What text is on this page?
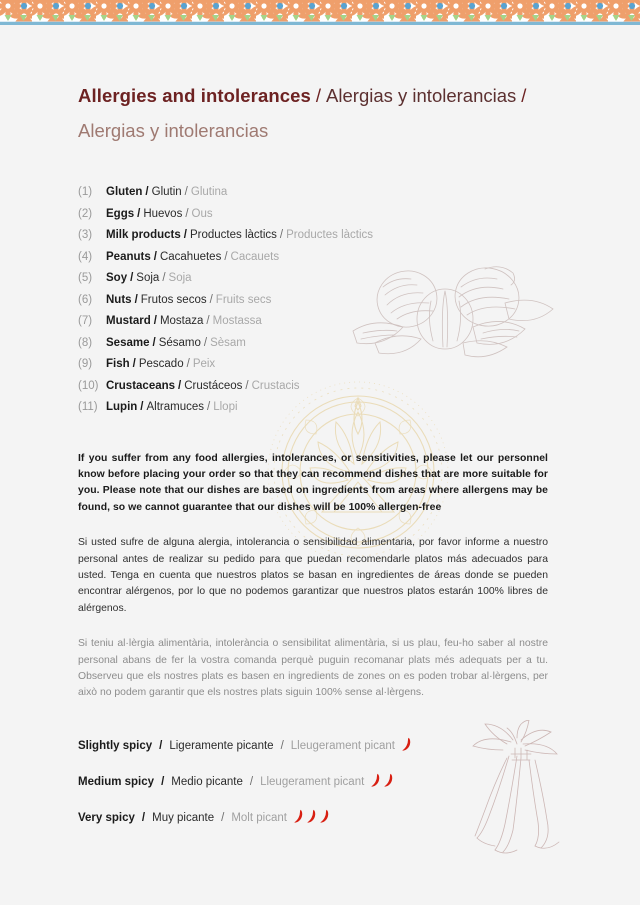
Allergies and intolerances / Alergias y intolerancias /
Alergias y intolerancias
(1) Gluten / Glutin / Glutina
(2) Eggs / Huevos / Ous
(3) Milk products / Productes làctics / Productes làctics
(4) Peanuts / Cacahuetes / Cacauets
(5) Soy / Soja / Soja
(6) Nuts / Frutos secos / Fruits secs
(7) Mustard / Mostaza / Mostassa
(8) Sesame / Sésamo / Sèsam
(9) Fish / Pescado / Peix
(10) Crustaceans / Crustáceos / Crustacis
(11) Lupin / Altramuces / Llopi

If you suffer from any food allergies, intolerances, or sensitivities, please let our personnel know before placing your order so that they can recommend dishes that are more suitable for you. Please note that our dishes are based on ingredients from areas where allergens may be found, so we cannot guarantee that our dishes will be 100% allergen-free

Si usted sufre de alguna alergia, intolerancia o sensibilidad alimentaria, por favor informe a nuestro personal antes de realizar su pedido para que puedan recomendarle platos más adecuados para usted. Tenga en cuenta que nuestros platos se basan en ingredientes de áreas donde se pueden encontrar alérgenos, por lo que no podemos garantizar que nuestros platos estarán 100% libres de alérgenos.

Si teniu al·lèrgia alimentària, intolerància o sensibilitat alimentària, si us plau, feu-ho saber al nostre personal abans de fer la vostra comanda perquè puguin recomanar plats més adequats per a tu. Observeu que els nostres plats es basen en ingredients de zones on es poden trobar al·lèrgens, per això no podem garantir que els nostres plats siguin 100% sense al·lèrgens.

Slightly spicy / Ligeramente picante / Lleugerament picant
Medium spicy / Medio picante / Lleugerament picant
Very spicy / Muy picante / Molt picant
